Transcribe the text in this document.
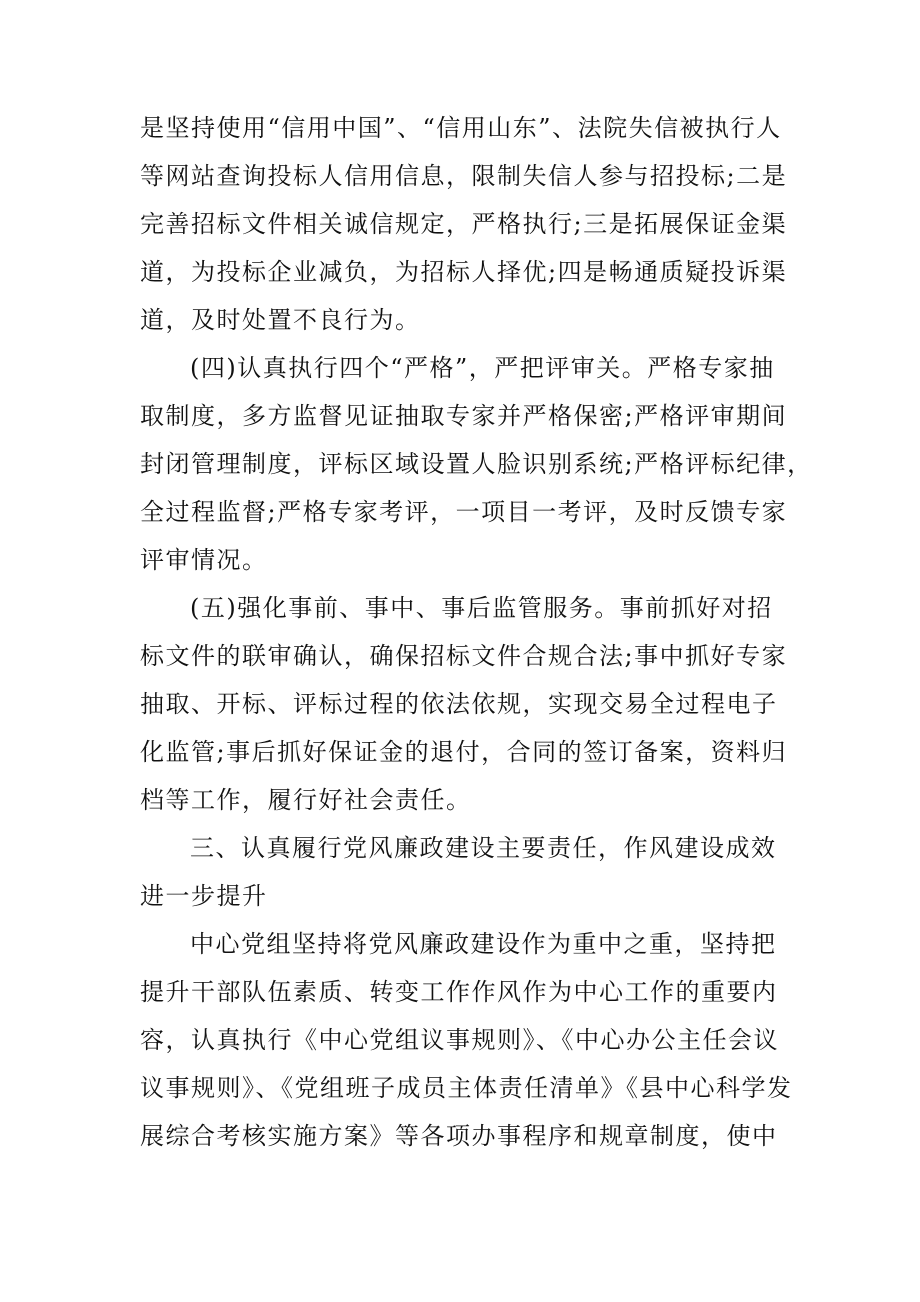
是坚持使用“信用中国”、“信用山东”、法院失信被执行人

等网站查询投标人信用信息，限制失信人参与招投标;二是

完善招标文件相关诚信规定，严格执行;三是拓展保证金渠

道，为投标企业减负，为招标人择优;四是畅通质疑投诉渠

道，及时处置不良行为。

(四)认真执行四个“严格”，严把评审关。严格专家抽

取制度，多方监督见证抽取专家并严格保密;严格评审期间

封闭管理制度，评标区域设置人脸识别系统;严格评标纪律，

全过程监督;严格专家考评，一项目一考评，及时反馈专家

评审情况。

(五)强化事前、事中、事后监管服务。事前抓好对招

标文件的联审确认，确保招标文件合规合法;事中抓好专家

抽取、开标、评标过程的依法依规，实现交易全过程电子

化监管;事后抓好保证金的退付，合同的签订备案，资料归

档等工作，履行好社会责任。

三、认真履行党风廉政建设主要责任，作风建设成效

进一步提升

中心党组坚持将党风廉政建设作为重中之重，坚持把

提升干部队伍素质、转变工作作风作为中心工作的重要内

容，认真执行《中心党组议事规则》、《中心办公主任会议

议事规则》、《党组班子成员主体责任清单》《县中心科学发

展综合考核实施方案》等各项办事程序和规章制度，使中
